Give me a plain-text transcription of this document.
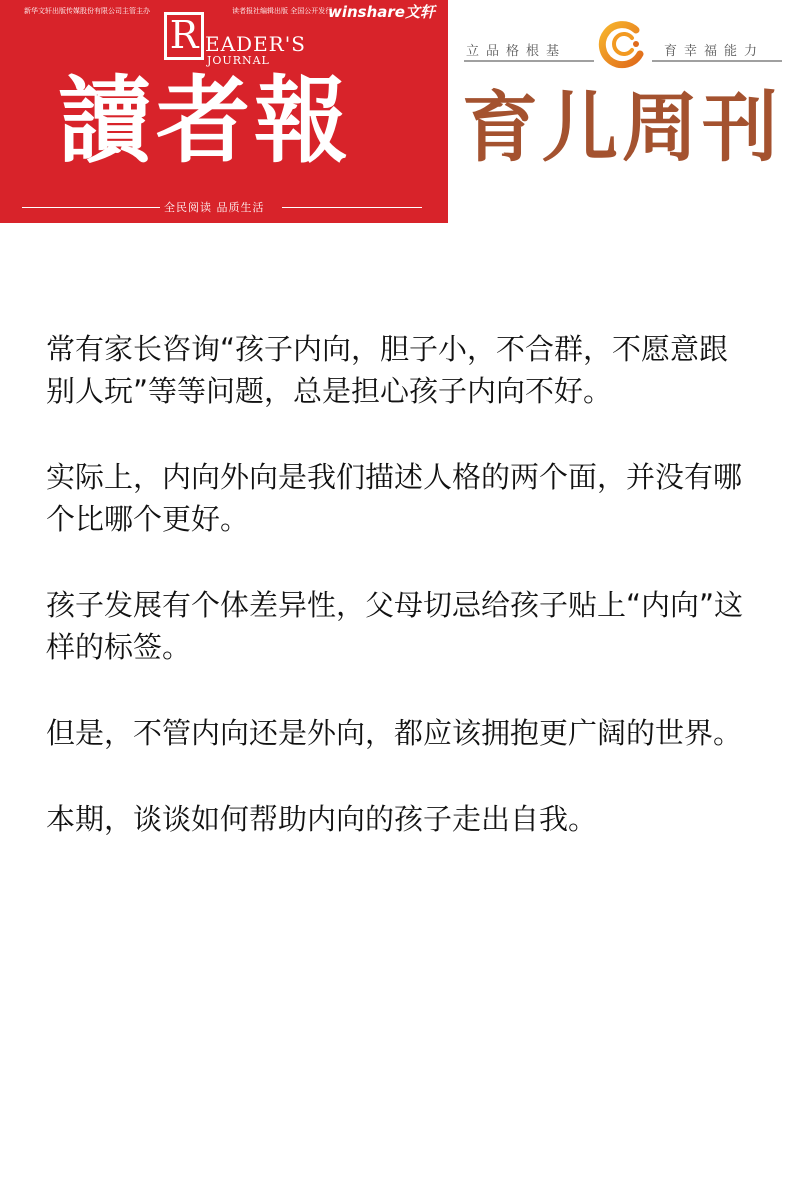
新华文轩出版传媒股份有限公司主管主办	读者报社编辑出版 全国公开发行
winshare文轩
R EADER'S
JOURNAL
讀者報
全民阅读 品质生活
立品格根基	育幸福能力
育儿周刊

常有家长咨询“孩子内向，胆子小，不合群，不愿意跟别人玩”等等问题，总是担心孩子内向不好。

实际上，内向外向是我们描述人格的两个面，并没有哪个比哪个更好。

孩子发展有个体差异性，父母切忌给孩子贴上“内向”这样的标签。

但是，不管内向还是外向，都应该拥抱更广阔的世界。

本期，谈谈如何帮助内向的孩子走出自我。
